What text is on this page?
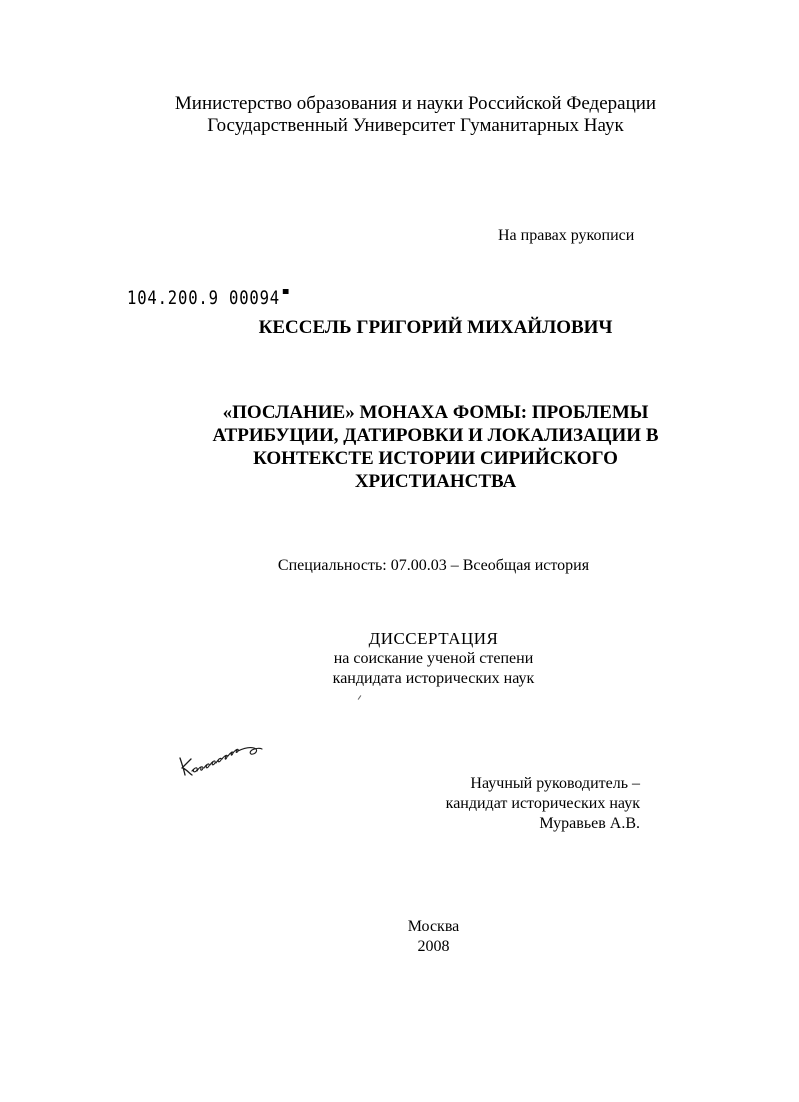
Министерство образования и науки Российской Федерации
Государственный Университет Гуманитарных Наук
На правах рукописи
104.200.9 00094
КЕССЕЛЬ ГРИГОРИЙ МИХАЙЛОВИЧ
«ПОСЛАНИЕ» МОНАХА ФОМЫ: ПРОБЛЕМЫ
АТРИБУЦИИ, ДАТИРОВКИ И ЛОКАЛИЗАЦИИ В
КОНТЕКСТЕ ИСТОРИИ СИРИЙСКОГО
ХРИСТИАНСТВА
Специальность: 07.00.03 – Всеобщая история
ДИССЕРТАЦИЯ
на соискание ученой степени
кандидата исторических наук
Научный руководитель –
кандидат исторических наук
Муравьев А.В.
Москва
2008
